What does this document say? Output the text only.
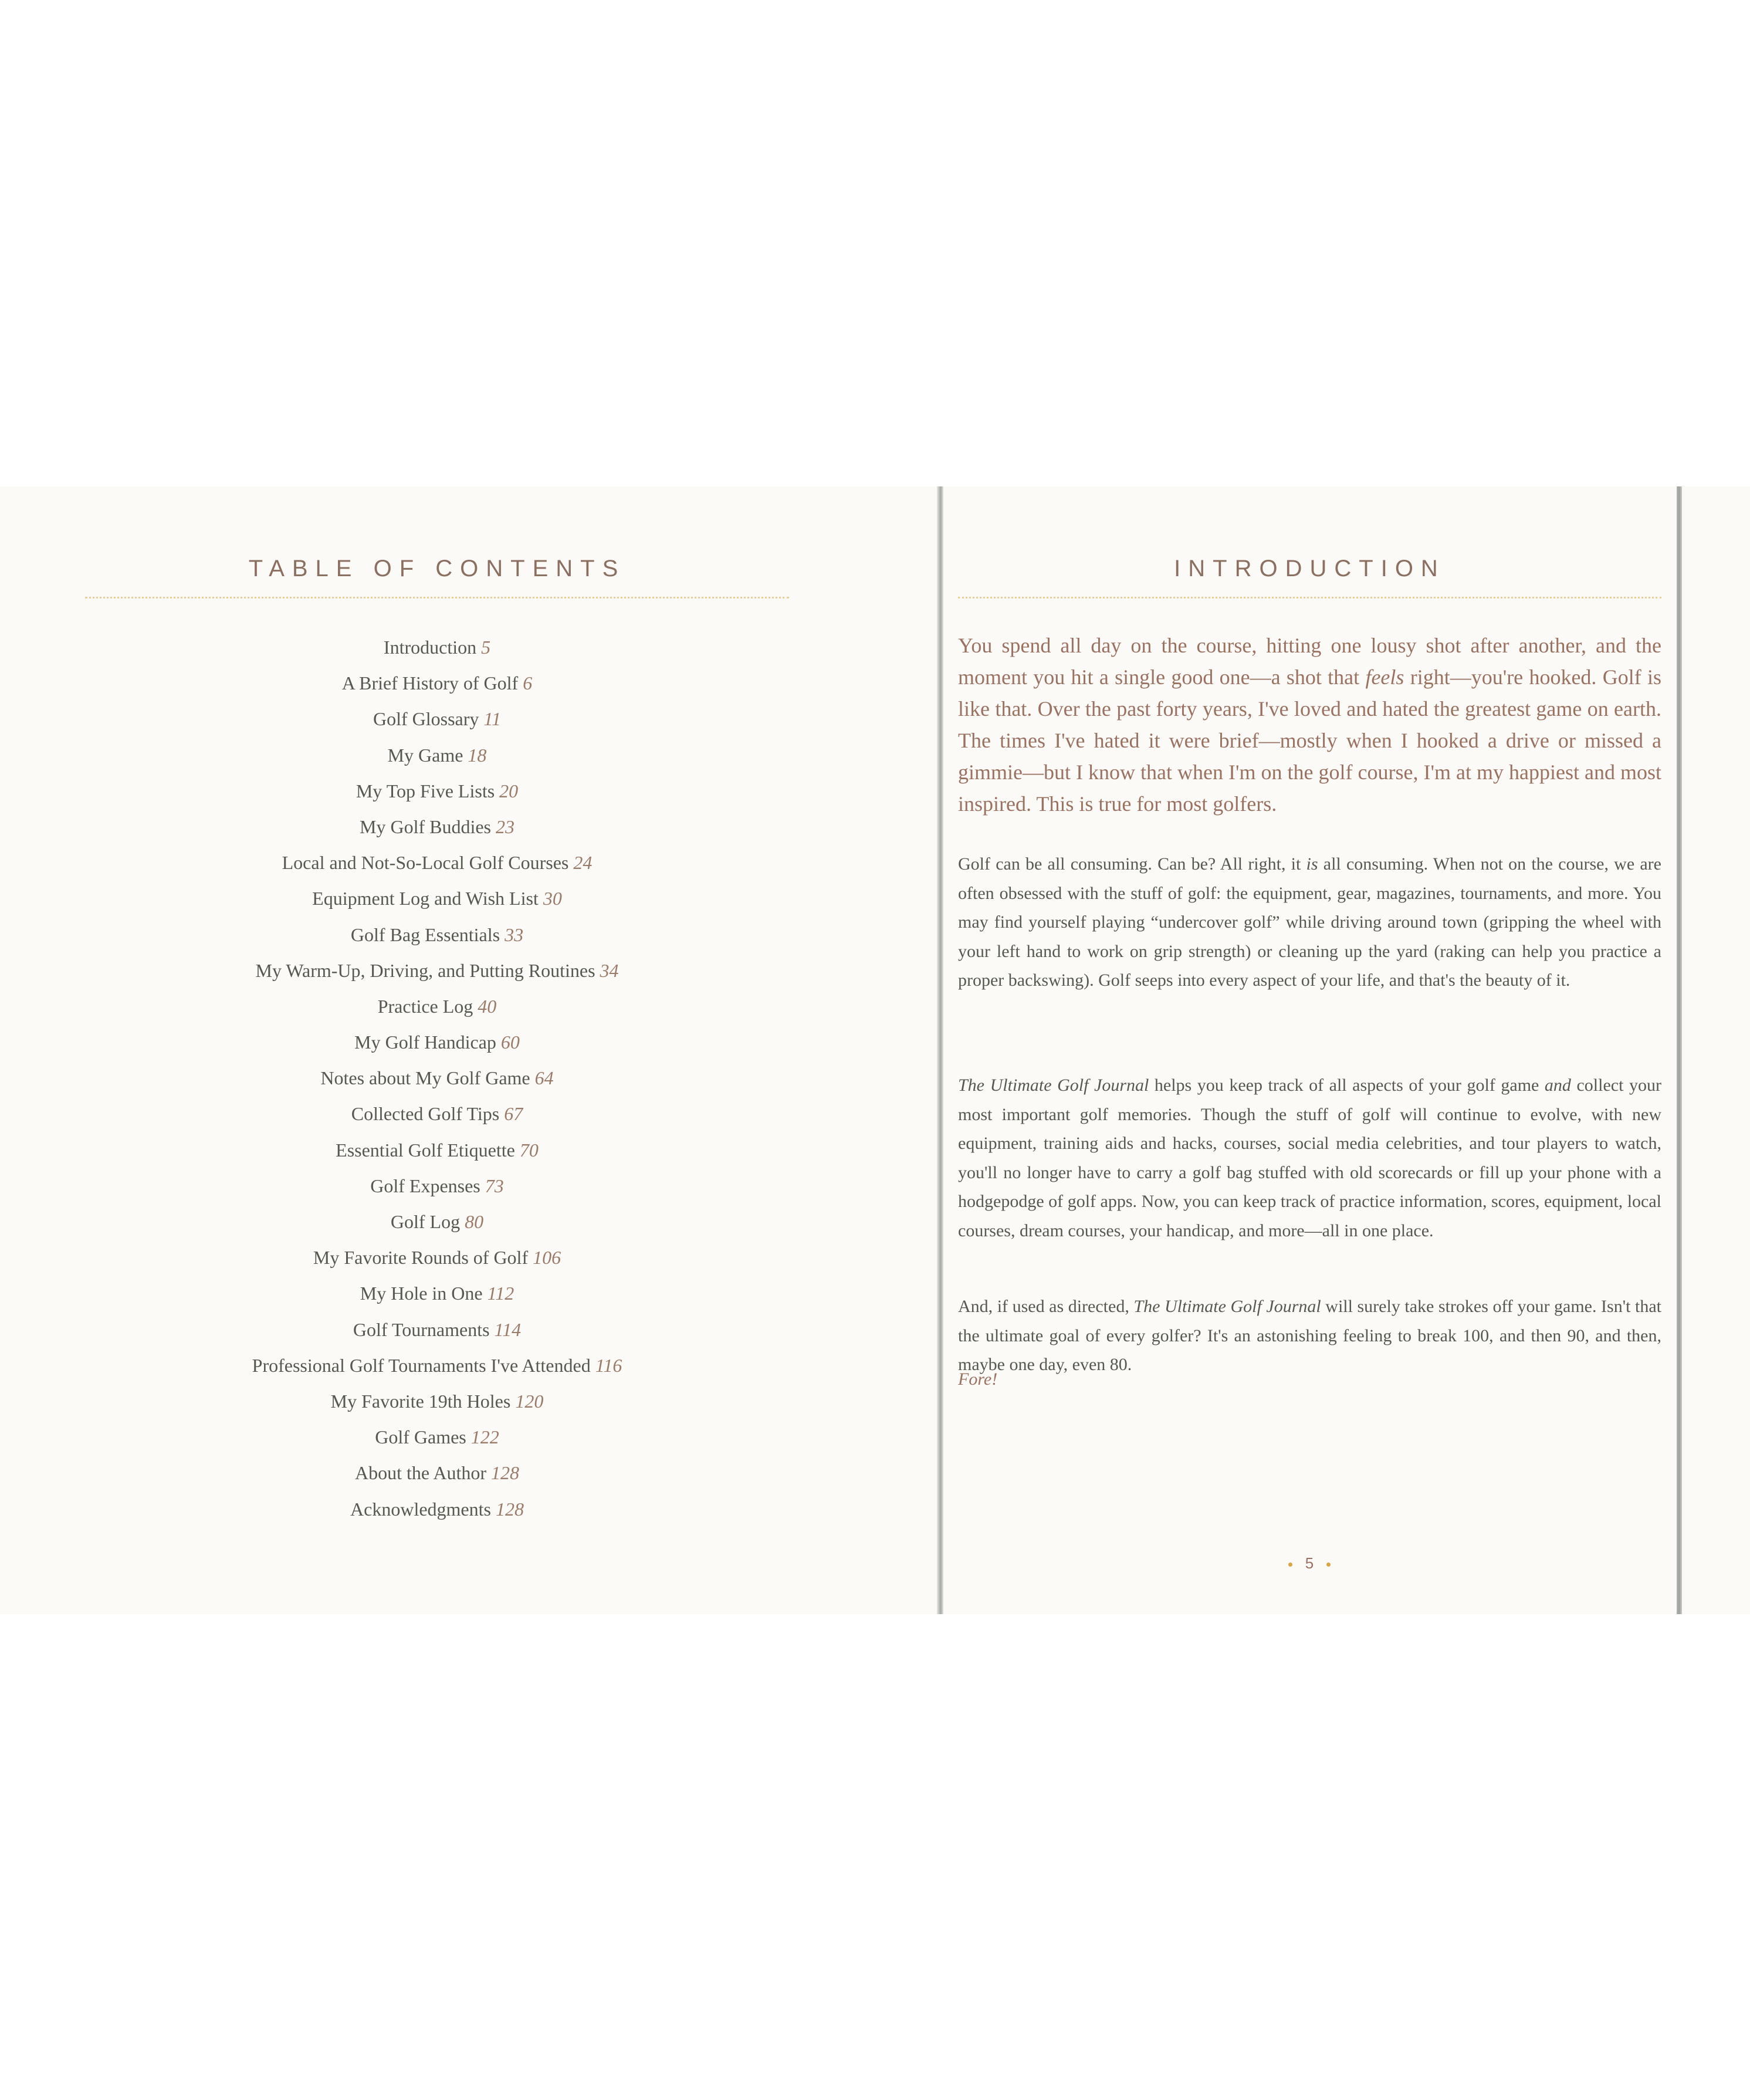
TABLE OF CONTENTS
Introduction 5
A Brief History of Golf 6
Golf Glossary 11
My Game 18
My Top Five Lists 20
My Golf Buddies 23
Local and Not-So-Local Golf Courses 24
Equipment Log and Wish List 30
Golf Bag Essentials 33
My Warm-Up, Driving, and Putting Routines 34
Practice Log 40
My Golf Handicap 60
Notes about My Golf Game 64
Collected Golf Tips 67
Essential Golf Etiquette 70
Golf Expenses 73
Golf Log 80
My Favorite Rounds of Golf 106
My Hole in One 112
Golf Tournaments 114
Professional Golf Tournaments I've Attended 116
My Favorite 19th Holes 120
Golf Games 122
About the Author 128
Acknowledgments 128
INTRODUCTION

You spend all day on the course, hitting one lousy shot after another, and the moment you hit a single good one—a shot that feels right—you're hooked. Golf is like that. Over the past forty years, I've loved and hated the greatest game on earth. The times I've hated it were brief—mostly when I hooked a drive or missed a gimmie—but I know that when I'm on the golf course, I'm at my happiest and most inspired. This is true for most golfers.

Golf can be all consuming. Can be? All right, it is all consuming. When not on the course, we are often obsessed with the stuff of golf: the equipment, gear, magazines, tournaments, and more. You may find yourself playing “undercover golf” while driving around town (gripping the wheel with your left hand to work on grip strength) or cleaning up the yard (raking can help you practice a proper backswing). Golf seeps into every aspect of your life, and that's the beauty of it.

The Ultimate Golf Journal helps you keep track of all aspects of your golf game and collect your most important golf memories. Though the stuff of golf will continue to evolve, with new equipment, training aids and hacks, courses, social media celebrities, and tour players to watch, you'll no longer have to carry a golf bag stuffed with old scorecards or fill up your phone with a hodgepodge of golf apps. Now, you can keep track of practice information, scores, equipment, local courses, dream courses, your handicap, and more—all in one place.

And, if used as directed, The Ultimate Golf Journal will surely take strokes off your game. Isn't that the ultimate goal of every golfer? It's an astonishing feeling to break 100, and then 90, and then, maybe one day, even 80.

Fore!

5
